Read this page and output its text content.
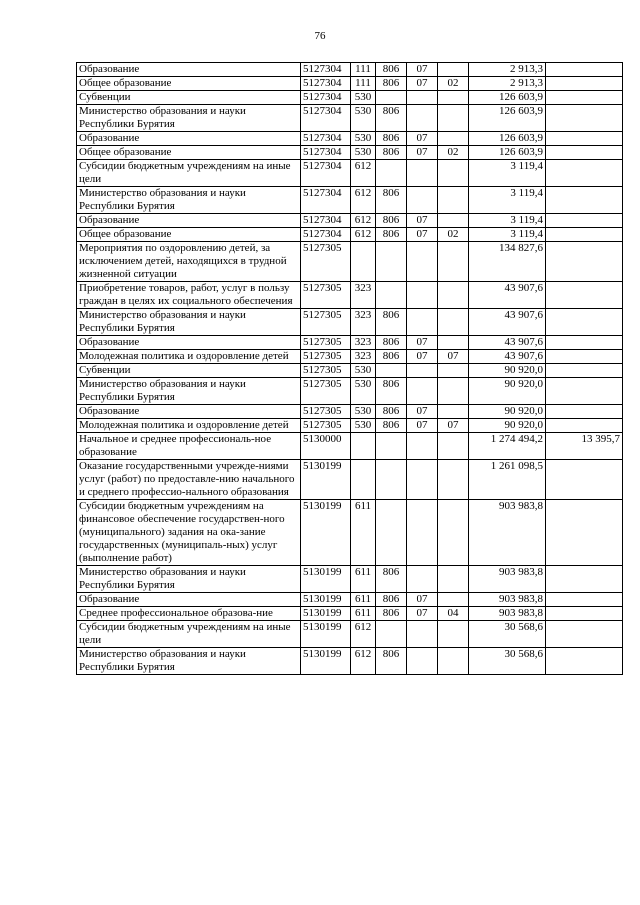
76
Образование	5127304	111	806	07		2 913,3	
Общее образование	5127304	111	806	07	02	2 913,3	
Субвенции	5127304	530				126 603,9	
Министерство образования и науки Республики Бурятия	5127304	530	806			126 603,9	
Образование	5127304	530	806	07		126 603,9	
Общее образование	5127304	530	806	07	02	126 603,9	
Субсидии бюджетным учреждениям на иные цели	5127304	612				3 119,4	
Министерство образования и науки Республики Бурятия	5127304	612	806			3 119,4	
Образование	5127304	612	806	07		3 119,4	
Общее образование	5127304	612	806	07	02	3 119,4	
Мероприятия по оздоровлению детей, за исключением детей, находящихся в трудной жизненной ситуации	5127305					134 827,6	
Приобретение товаров, работ, услуг в пользу граждан в целях их социального обеспечения	5127305	323				43 907,6	
Министерство образования и науки Республики Бурятия	5127305	323	806			43 907,6	
Образование	5127305	323	806	07		43 907,6	
Молодежная политика и оздоровление детей	5127305	323	806	07	07	43 907,6	
Субвенции	5127305	530				90 920,0	
Министерство образования и науки Республики Бурятия	5127305	530	806			90 920,0	
Образование	5127305	530	806	07		90 920,0	
Молодежная политика и оздоровление детей	5127305	530	806	07	07	90 920,0	
Начальное и среднее профессиональ-ное образование	5130000					1 274 494,2	13 395,7
Оказание государственными учрежде-ниями услуг (работ) по предоставле-нию начального и среднего профессио-нального образования	5130199					1 261 098,5	
Субсидии бюджетным учреждениям на финансовое обеспечение государствен-ного (муниципального) задания на ока-зание государственных (муниципаль-ных) услуг (выполнение работ)	5130199	611				903 983,8	
Министерство образования и науки Республики Бурятия	5130199	611	806			903 983,8	
Образование	5130199	611	806	07		903 983,8	
Среднее профессиональное образова-ние	5130199	611	806	07	04	903 983,8	
Субсидии бюджетным учреждениям на иные цели	5130199	612				30 568,6	
Министерство образования и науки Республики Бурятия	5130199	612	806			30 568,6	
